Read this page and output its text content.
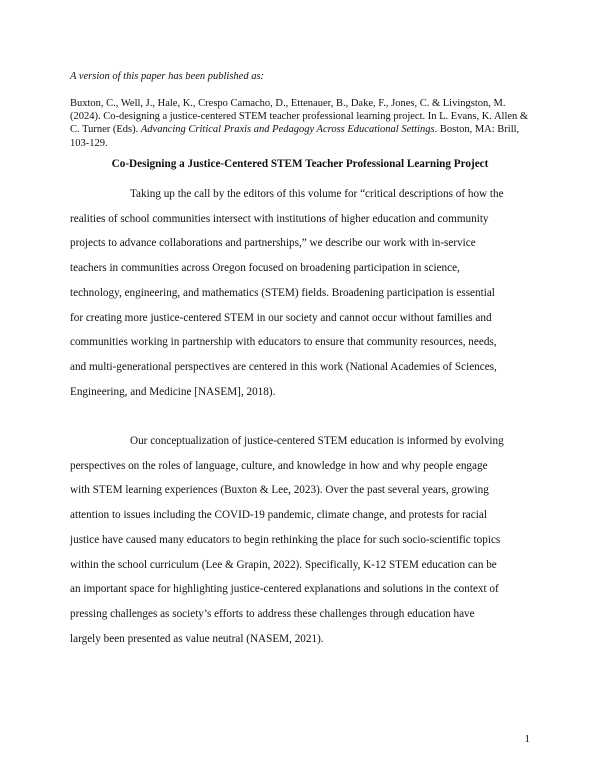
A version of this paper has been published as:
Buxton, C., Well, J., Hale, K., Crespo Camacho, D., Ettenauer, B., Dake, F., Jones, C. & Livingston, M. (2024). Co-designing a justice-centered STEM teacher professional learning project. In L. Evans, K. Allen & C. Turner (Eds). Advancing Critical Praxis and Pedagogy Across Educational Settings. Boston, MA: Brill, 103-129.
Co-Designing a Justice-Centered STEM Teacher Professional Learning Project
Taking up the call by the editors of this volume for “critical descriptions of how the
realities of school communities intersect with institutions of higher education and community
projects to advance collaborations and partnerships,” we describe our work with in-service
teachers in communities across Oregon focused on broadening participation in science,
technology, engineering, and mathematics (STEM) fields. Broadening participation is essential
for creating more justice-centered STEM in our society and cannot occur without families and
communities working in partnership with educators to ensure that community resources, needs,
and multi-generational perspectives are centered in this work (National Academies of Sciences,
Engineering, and Medicine [NASEM], 2018).
Our conceptualization of justice-centered STEM education is informed by evolving
perspectives on the roles of language, culture, and knowledge in how and why people engage
with STEM learning experiences (Buxton & Lee, 2023). Over the past several years, growing
attention to issues including the COVID-19 pandemic, climate change, and protests for racial
justice have caused many educators to begin rethinking the place for such socio-scientific topics
within the school curriculum (Lee & Grapin, 2022). Specifically, K-12 STEM education can be
an important space for highlighting justice-centered explanations and solutions in the context of
pressing challenges as society’s efforts to address these challenges through education have
largely been presented as value neutral (NASEM, 2021).
1
